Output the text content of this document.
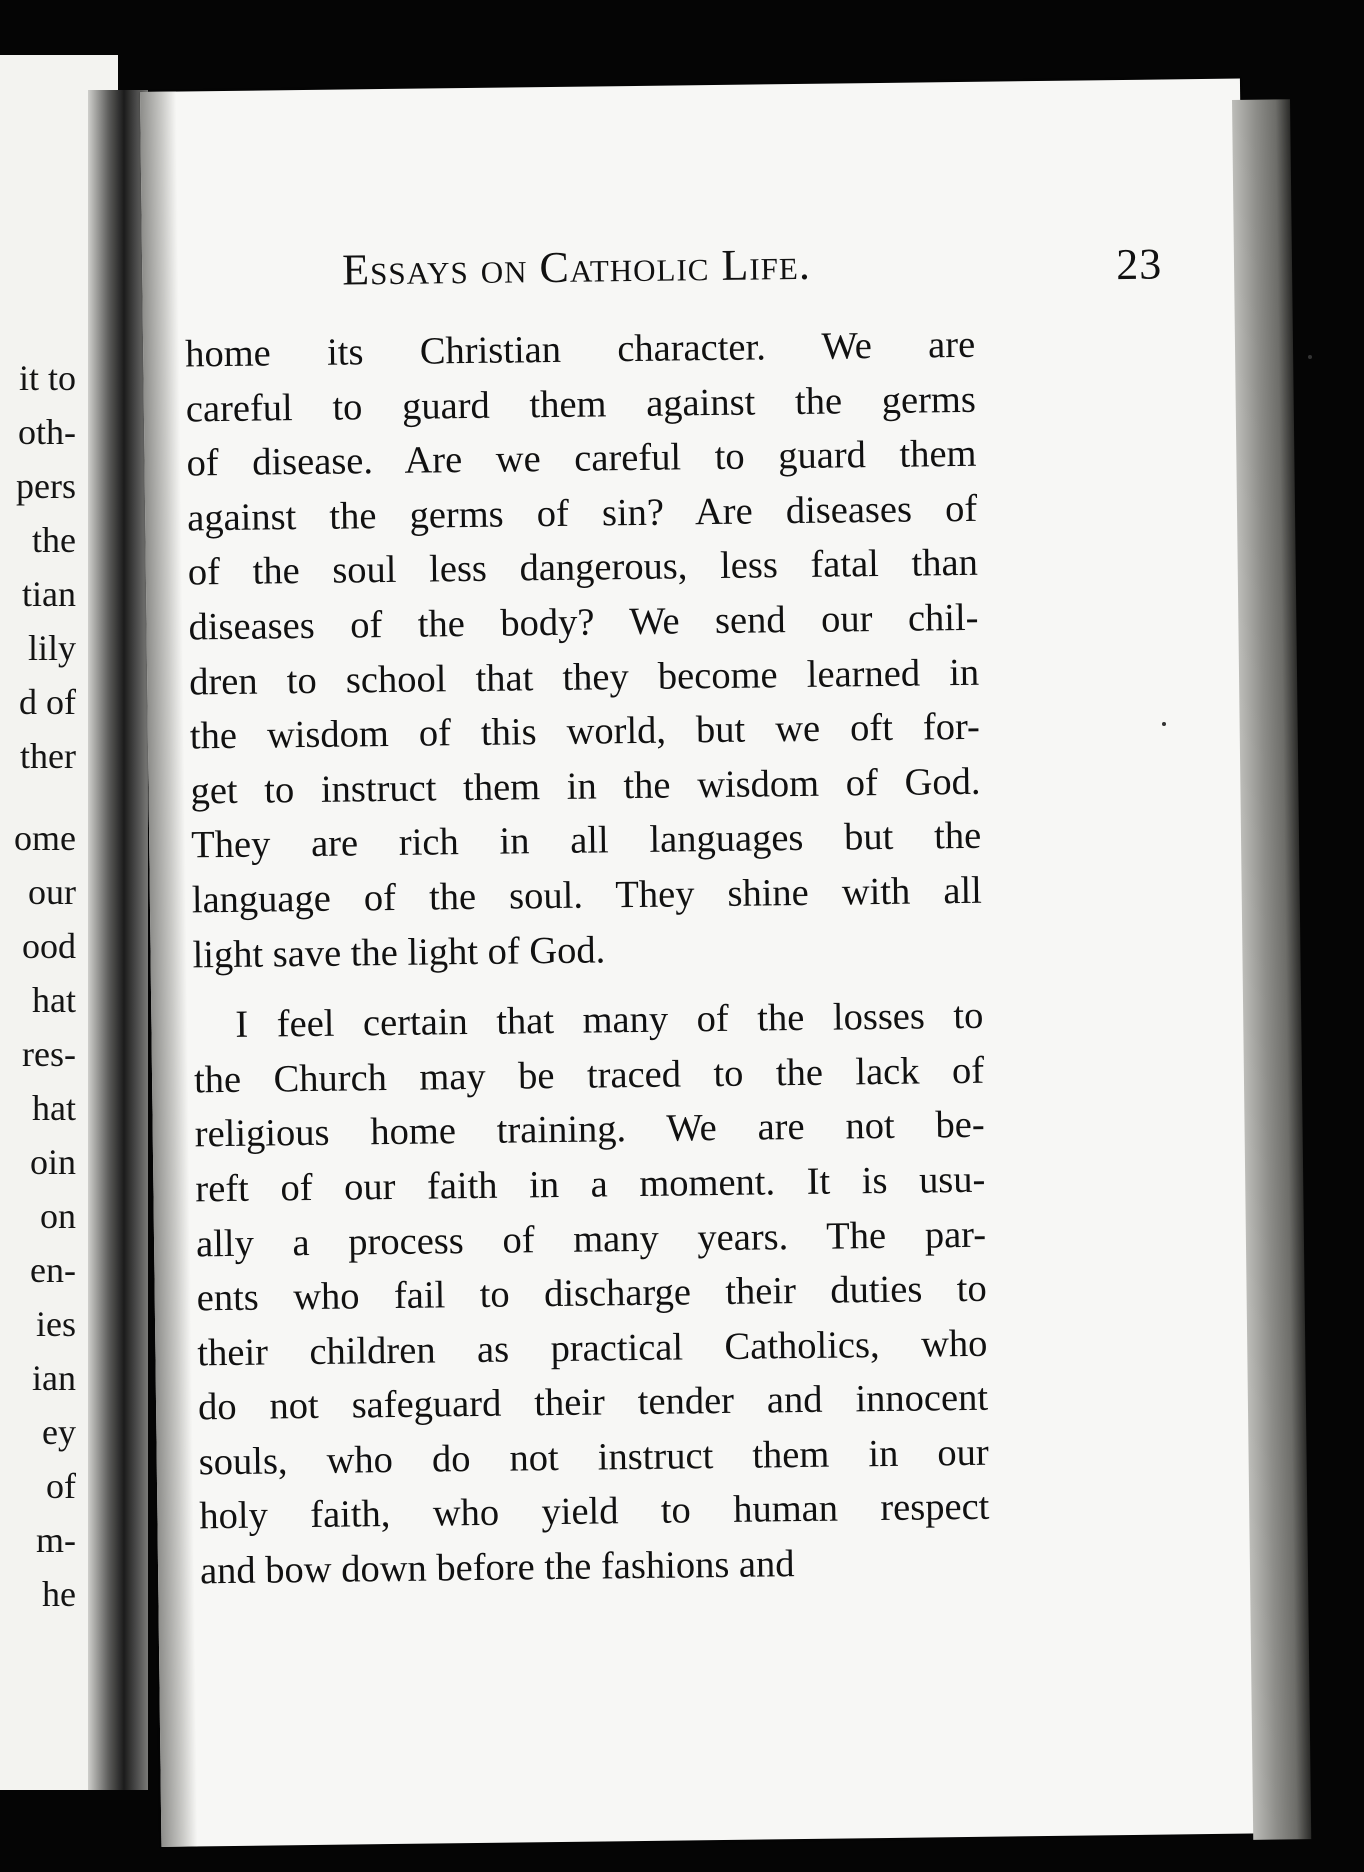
it to
oth-
pers
the
tian
lily
d of
ther
ome
our
ood
hat
res-
hat
oin
on
en-
ies
ian
ey
of
m-
he
Essays on Catholic Life.	23
home its Christian character. We are
careful to guard them against the germs
of disease. Are we careful to guard them
against the germs of sin? Are diseases of
of the soul less dangerous, less fatal than
diseases of the body? We send our chil-
dren to school that they become learned in
the wisdom of this world, but we oft for-
get to instruct them in the wisdom of God.
They are rich in all languages but the
language of the soul. They shine with all
light save the light of God.
I feel certain that many of the losses to
the Church may be traced to the lack of
religious home training. We are not be-
reft of our faith in a moment. It is usu-
ally a process of many years. The par-
ents who fail to discharge their duties to
their children as practical Catholics, who
do not safeguard their tender and innocent
souls, who do not instruct them in our
holy faith, who yield to human respect
and bow down before the fashions and
